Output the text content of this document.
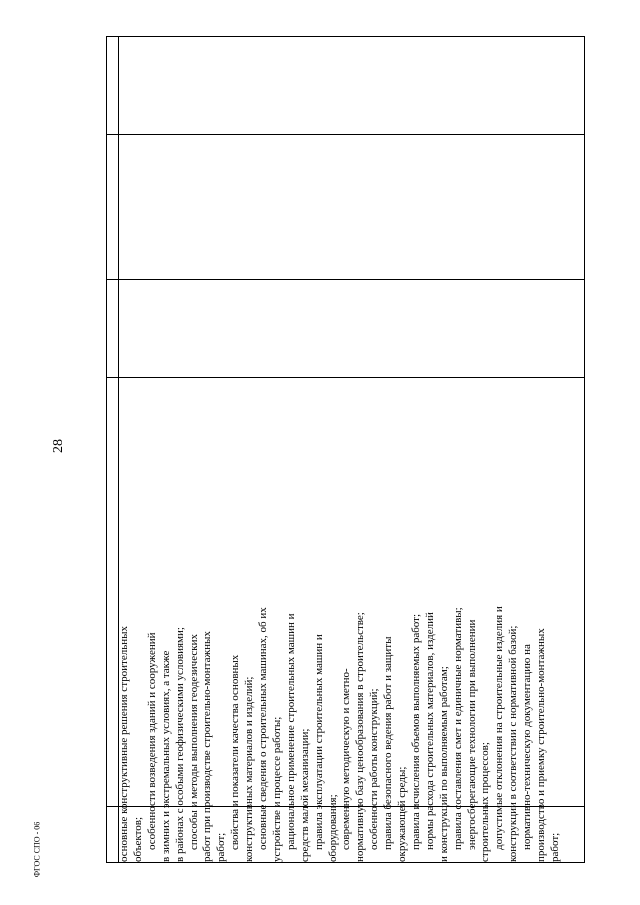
28
ФГОС СПО - 06	основные конструктивные решения строительных объектов; особенности возведения зданий и сооружений в зимних и экстремальных условиях, а также в районах с особыми геофизическими условиями; способы и методы выполнения геодезических работ при производстве строительно-монтажных работ; свойства и показатели качества основных конструктивных материалов и изделий; основные сведения о строительных машинах, об их устройстве и процессе работы; рациональное применение строительных машин и средств малой механизации; правила эксплуатации строительных машин и оборудования; современную методическую и сметно- нормативную базу ценообразования в строительстве; особенности работы конструкций; правила безопасного ведения работ и защиты окружающей среды; правила исчисления объемов выполняемых работ; нормы расхода строительных материалов, изделий и конструкций по выполняемым работам; правила составления смет и единичные нормативы; энергосберегающие технологии при выполнении строительных процессов; допустимые отклонения на строительные изделия и конструкции в соответствии с нормативной базой; нормативно-техническую документацию на производство и приемку строительно-монтажных работ;
